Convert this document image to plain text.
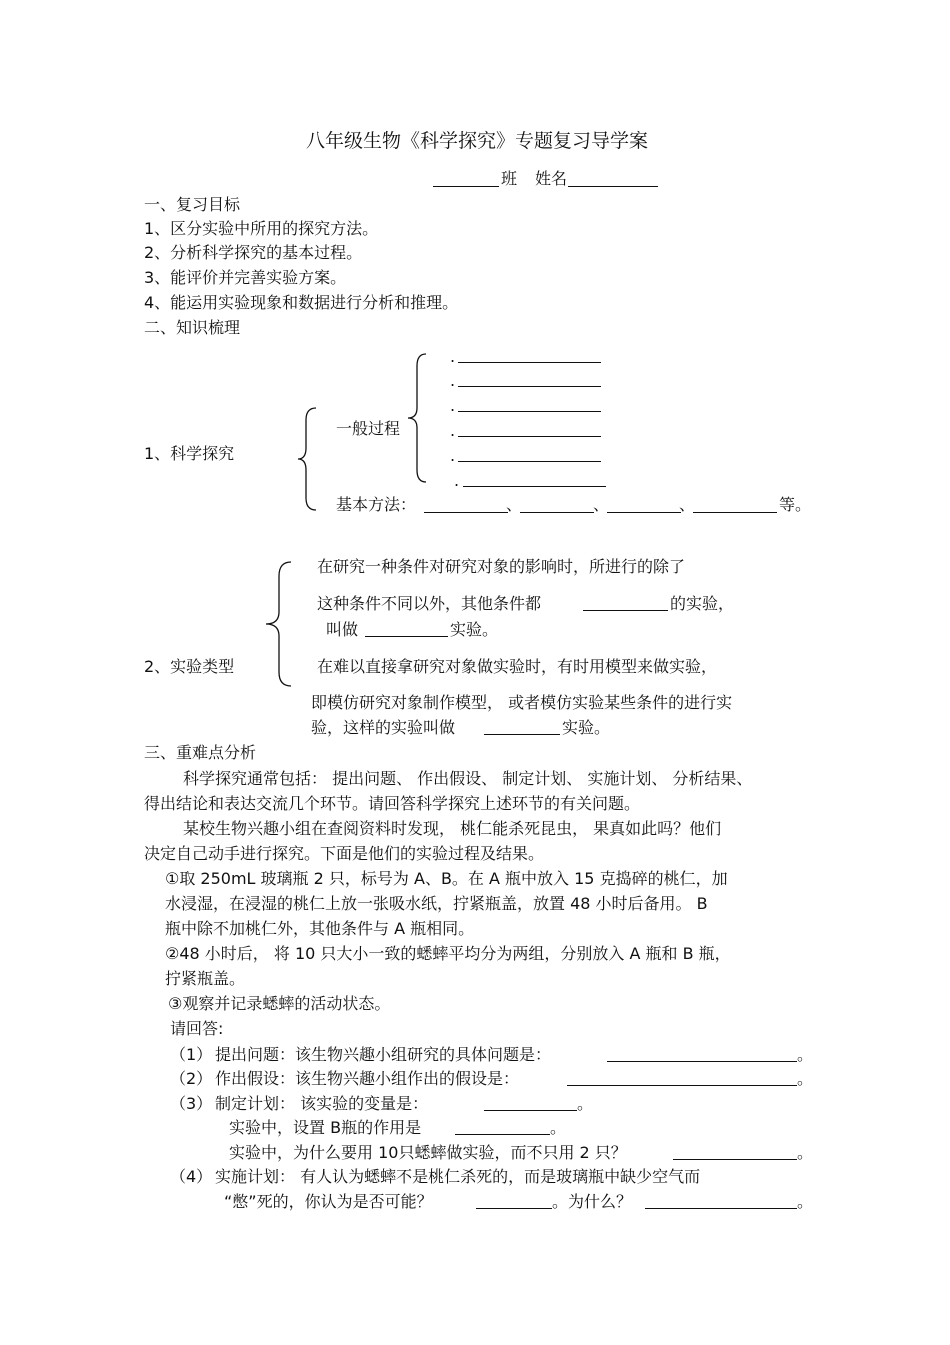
八年级生物《科学探究》专题复习导学案
班 姓名
一、复习目标
1、区分实验中所用的探究方法。
2、分析科学探究的基本过程。
3、能评价并完善实验方案。
4、能运用实验现象和数据进行分析和推理。
二、知识梳理
1、科学探究
一般过程
.
.
.
.
.
.
基本方法：	、	、	、	等。
在研究一种条件对研究对象的影响时，所进行的除了
这种条件不同以外，其他条件都	的实验，
叫做	实验。
2、实验类型	在难以直接拿研究对象做实验时，有时用模型来做实验，
即模仿研究对象制作模型， 或者模仿实验某些条件的进行实
验，这样的实验叫做	实验。
三、重难点分析
科学探究通常包括： 提出问题、 作出假设、 制定计划、 实施计划、 分析结果、
得出结论和表达交流几个环节。请回答科学探究上述环节的有关问题。
某校生物兴趣小组在查阅资料时发现， 桃仁能杀死昆虫， 果真如此吗？他们
决定自己动手进行探究。下面是他们的实验过程及结果。
①取 250mL 玻璃瓶 2 只，标号为 A、B。在 A 瓶中放入 15 克捣碎的桃仁，加
水浸湿，在浸湿的桃仁上放一张吸水纸，拧紧瓶盖，放置 48 小时后备用。 B
瓶中除不加桃仁外，其他条件与 A 瓶相同。
②48 小时后， 将 10 只大小一致的蟋蟀平均分为两组，分别放入 A 瓶和 B 瓶，
拧紧瓶盖。
③观察并记录蟋蟀的活动状态。
请回答:
（1） 提出问题：该生物兴趣小组研究的具体问题是：	。
（2） 作出假设：该生物兴趣小组作出的假设是：	。
（3） 制定计划： 该实验的变量是：	。
实验中，设置 B瓶的作用是	。
实验中，为什么要用 10只蟋蟀做实验，而不只用 2 只？	。
（4） 实施计划： 有人认为蟋蟀不是桃仁杀死的，而是玻璃瓶中缺少空气而
“憋”死的，你认为是否可能？	。为什么？	。
